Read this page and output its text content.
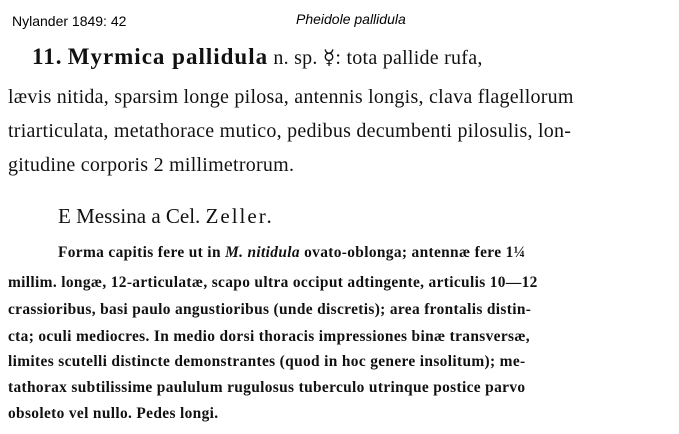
Nylander 1849: 42	Pheidole pallidula
11. Myrmica pallidula n. sp. ☿: tota pallide rufa,
lævis nitida, sparsim longe pilosa, antennis longis, clava flagellorum
triarticulata, metathorace mutico, pedibus decumbenti pilosulis, lon-
gitudine corporis 2 millimetrorum.
E Messina a Cel. Zeller.
Forma capitis fere ut in M. nitidula ovato-oblonga; antennæ fere 1¼
millim. longæ, 12-articulatæ, scapo ultra occiput adtingente, articulis 10—12
crassioribus, basi paulo angustioribus (unde discretis); area frontalis distin-
cta; oculi mediocres. In medio dorsi thoracis impressiones binæ transversæ,
limites scutelli distincte demonstrantes (quod in hoc genere insolitum); me-
tathorax subtilissime paululum rugulosus tuberculo utrinque postice parvo
obsoleto vel nullo. Pedes longi.
